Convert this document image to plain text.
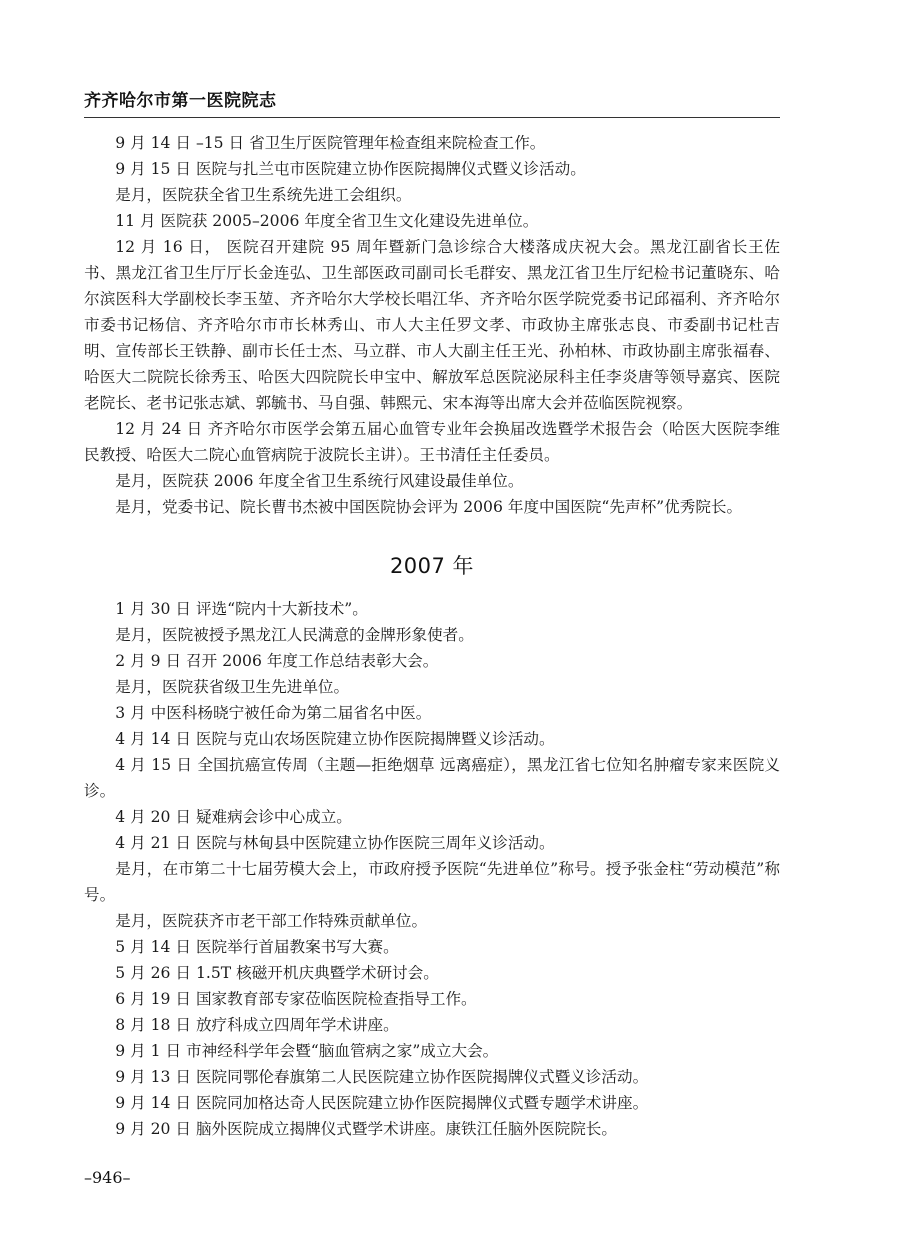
齐齐哈尔市第一医院院志

9 月 14 日 –15 日 省卫生厅医院管理年检查组来院检查工作。

9 月 15 日 医院与扎兰屯市医院建立协作医院揭牌仪式暨义诊活动。

是月，医院获全省卫生系统先进工会组织。

11 月 医院获 2005–2006 年度全省卫生文化建设先进单位。

12 月 16 日， 医院召开建院 95 周年暨新门急诊综合大楼落成庆祝大会。黑龙江副省长王佐书、黑龙江省卫生厅厅长金连弘、卫生部医政司副司长毛群安、黑龙江省卫生厅纪检书记董晓东、哈尔滨医科大学副校长李玉堃、齐齐哈尔大学校长唱江华、齐齐哈尔医学院党委书记邱福利、齐齐哈尔市委书记杨信、齐齐哈尔市市长林秀山、市人大主任罗文孝、市政协主席张志良、市委副书记杜吉明、宣传部长王铁静、副市长任士杰、马立群、市人大副主任王光、孙柏林、市政协副主席张福春、哈医大二院院长徐秀玉、哈医大四院院长申宝中、解放军总医院泌尿科主任李炎唐等领导嘉宾、医院老院长、老书记张志斌、郭毓书、马自强、韩熙元、宋本海等出席大会并莅临医院视察。

12 月 24 日 齐齐哈尔市医学会第五届心血管专业年会换届改选暨学术报告会（哈医大医院李维民教授、哈医大二院心血管病院于波院长主讲）。王书清任主任委员。

是月，医院获 2006 年度全省卫生系统行风建设最佳单位。

是月，党委书记、院长曹书杰被中国医院协会评为 2006 年度中国医院“先声杯”优秀院长。

2007 年

1 月 30 日 评选“院内十大新技术”。

是月，医院被授予黑龙江人民满意的金牌形象使者。

2 月 9 日 召开 2006 年度工作总结表彰大会。

是月，医院获省级卫生先进单位。

3 月 中医科杨晓宁被任命为第二届省名中医。

4 月 14 日 医院与克山农场医院建立协作医院揭牌暨义诊活动。

4 月 15 日 全国抗癌宣传周（主题—拒绝烟草 远离癌症），黑龙江省七位知名肿瘤专家来医院义诊。

4 月 20 日 疑难病会诊中心成立。

4 月 21 日 医院与林甸县中医院建立协作医院三周年义诊活动。

是月，在市第二十七届劳模大会上，市政府授予医院“先进单位”称号。授予张金柱“劳动模范”称号。

是月，医院获齐市老干部工作特殊贡献单位。

5 月 14 日 医院举行首届教案书写大赛。

5 月 26 日 1.5T 核磁开机庆典暨学术研讨会。

6 月 19 日 国家教育部专家莅临医院检查指导工作。

8 月 18 日 放疗科成立四周年学术讲座。

9 月 1 日 市神经科学年会暨“脑血管病之家”成立大会。

9 月 13 日 医院同鄂伦春旗第二人民医院建立协作医院揭牌仪式暨义诊活动。

9 月 14 日 医院同加格达奇人民医院建立协作医院揭牌仪式暨专题学术讲座。

9 月 20 日 脑外医院成立揭牌仪式暨学术讲座。康铁江任脑外医院院长。

–946–
